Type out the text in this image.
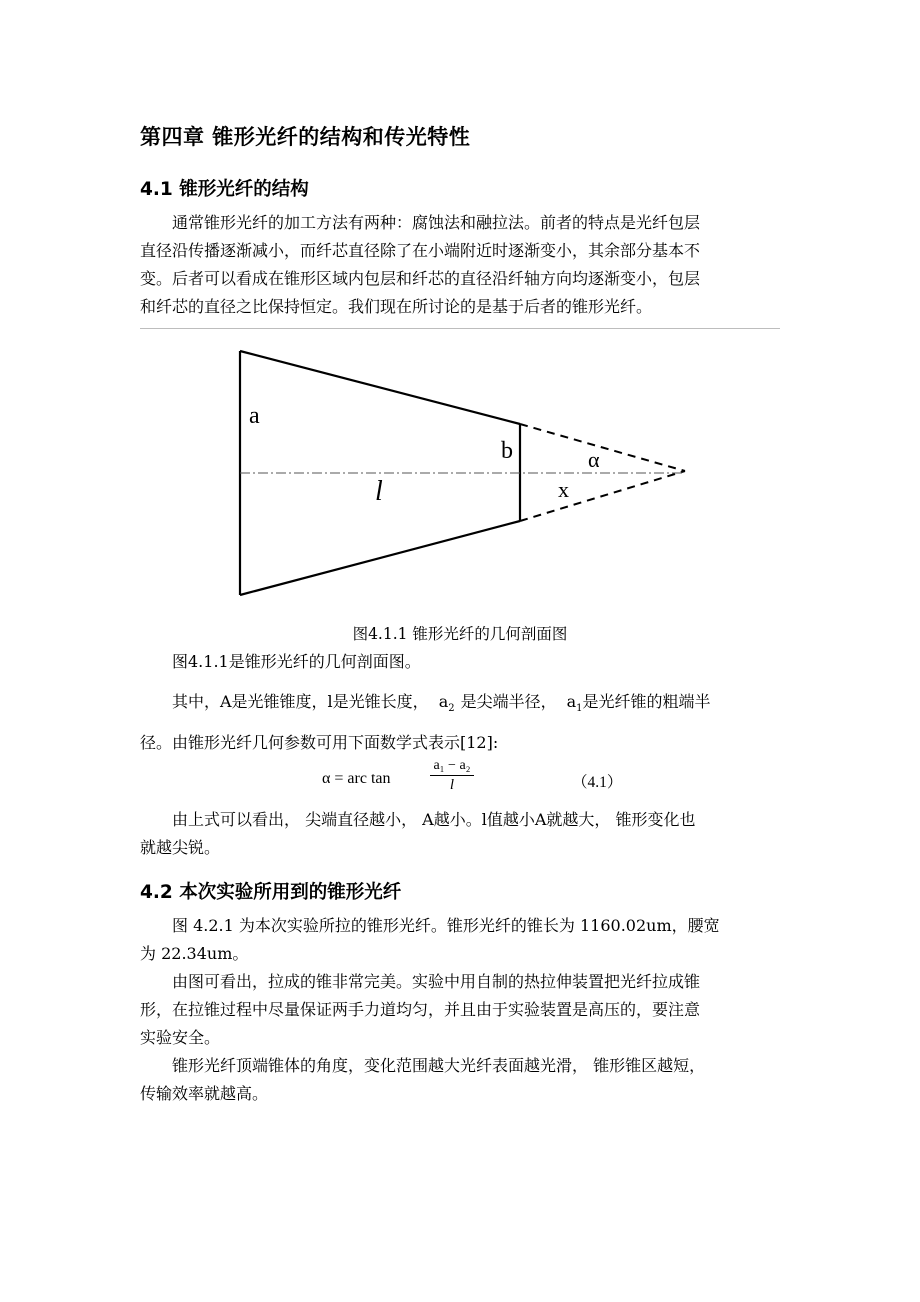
第四章 锥形光纤的结构和传光特性
4.1 锥形光纤的结构
通常锥形光纤的加工方法有两种：腐蚀法和融拉法。前者的特点是光纤包层
直径沿传播逐渐减小，而纤芯直径除了在小端附近时逐渐变小，其余部分基本不
变。后者可以看成在锥形区域内包层和纤芯的直径沿纤轴方向均逐渐变小，包层
和纤芯的直径之比保持恒定。我们现在所讨论的是基于后者的锥形光纤。
a
b
l
α
x
图4.1.1 锥形光纤的几何剖面图
图4.1.1是锥形光纤的几何剖面图。
其中，A是光锥锥度，l是光锥长度， $a_2$ 是尖端半径， $a_1$是光纤锥的粗端半
径。由锥形光纤几何参数可用下面数学式表示[12]:
α = arc tan	$\frac{\text{a₁ − a₂}}{l}$	（4.1）
由上式可以看出， 尖端直径越小， A越小。l值越小A就越大， 锥形变化也
就越尖锐。
4.2 本次实验所用到的锥形光纤
图 4.2.1 为本次实验所拉的锥形光纤。锥形光纤的锥长为 1160.02um，腰宽
为 22.34um。
由图可看出，拉成的锥非常完美。实验中用自制的热拉伸装置把光纤拉成锥
形，在拉锥过程中尽量保证两手力道均匀，并且由于实验装置是高压的，要注意
实验安全。
锥形光纤顶端锥体的角度，变化范围越大光纤表面越光滑， 锥形锥区越短，
传输效率就越高。
